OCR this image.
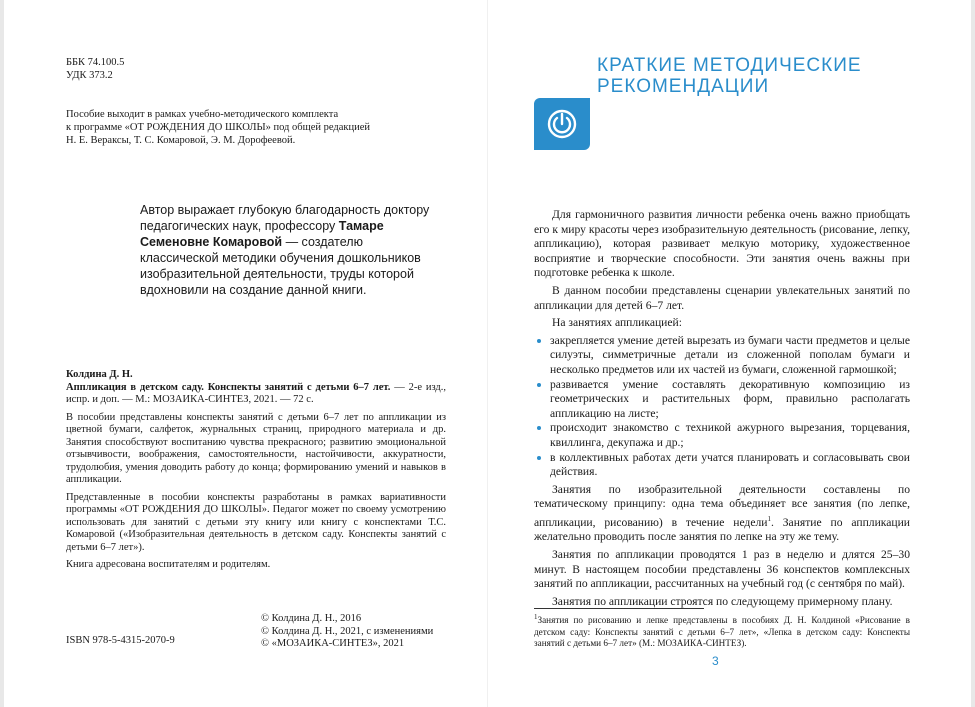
ББК 74.100.5
УДК 373.2
Пособие выходит в рамках учебно-методического комплекта
к программе «ОТ РОЖДЕНИЯ ДО ШКОЛЫ» под общей редакцией
Н. Е. Вераксы, Т. С. Комаровой, Э. М. Дорофеевой.
Автор выражает глубокую благодарность доктору педагогических наук, профессору Тамаре Семеновне Комаровой — создателю классической методики обучения дошкольников изобразительной деятельности, труды которой вдохновили на создание данной книги.

Колдина Д. Н.

Аппликация в детском саду. Конспекты занятий с детьми 6–7 лет. — 2-е изд., испр. и доп. — М.: МОЗАИКА-СИНТЕЗ, 2021. — 72 с.

В пособии представлены конспекты занятий с детьми 6–7 лет по аппликации из цветной бумаги, салфеток, журнальных страниц, природного материала и др. Занятия способствуют воспитанию чувства прекрасного; развитию эмоциональной отзывчивости, воображения, самостоятельности, настойчивости, аккуратности, трудолюбия, умения доводить работу до конца; формированию умений и навыков в аппликации.

Представленные в пособии конспекты разработаны в рамках вариативности программы «ОТ РОЖДЕНИЯ ДО ШКОЛЫ». Педагог может по своему усмотрению использовать для занятий с детьми эту книгу или книгу с конспектами Т.С. Комаровой («Изобразительная деятельность в детском саду. Конспекты занятий с детьми 6–7 лет»).

Книга адресована воспитателям и родителям.

© Колдина Д. Н., 2016
© Колдина Д. Н., 2021, с изменениями
© «МОЗАИКА-СИНТЕЗ», 2021
ISBN 978-5-4315-2070-9
КРАТКИЕ МЕТОДИЧЕСКИЕ
РЕКОМЕНДАЦИИ

Для гармоничного развития личности ребенка очень важно приобщать его к миру красоты через изобразительную деятельность (рисование, лепку, аппликацию), которая развивает мелкую моторику, художественное восприятие и творческие способности. Эти занятия очень важны при подготовке ребенка к школе.

В данном пособии представлены сценарии увлекательных занятий по аппликации для детей 6–7 лет.

На занятиях аппликацией:

закрепляется умение детей вырезать из бумаги части предметов и целые силуэты, симметричные детали из сложенной пополам бумаги и несколько предметов или их частей из бумаги, сложенной гармошкой;
развивается умение составлять декоративную композицию из геометрических и растительных форм, правильно располагать аппликацию на листе;
происходит знакомство с техникой ажурного вырезания, торцевания, квиллинга, декупажа и др.;
в коллективных работах дети учатся планировать и согласовывать свои действия.

Занятия по изобразительной деятельности составлены по тематическому принципу: одна тема объединяет все занятия (по лепке, аппликации, рисованию) в течение недели$^1$. Занятие по аппликации желательно проводить после занятия по лепке на эту же тему.

Занятия по аппликации проводятся 1 раз в неделю и длятся 25–30 минут. В настоящем пособии представлены 36 конспектов комплексных занятий по аппликации, рассчитанных на учебный год (с сентября по май).

Занятия по аппликации строятся по следующему примерному плану.

$^1$Занятия по рисованию и лепке представлены в пособиях Д. Н. Колдиной «Рисование в детском саду: Конспекты занятий с детьми 6–7 лет», «Лепка в детском саду: Конспекты занятий с детьми 6–7 лет» (М.: МОЗАИКА-СИНТЕЗ).
3
